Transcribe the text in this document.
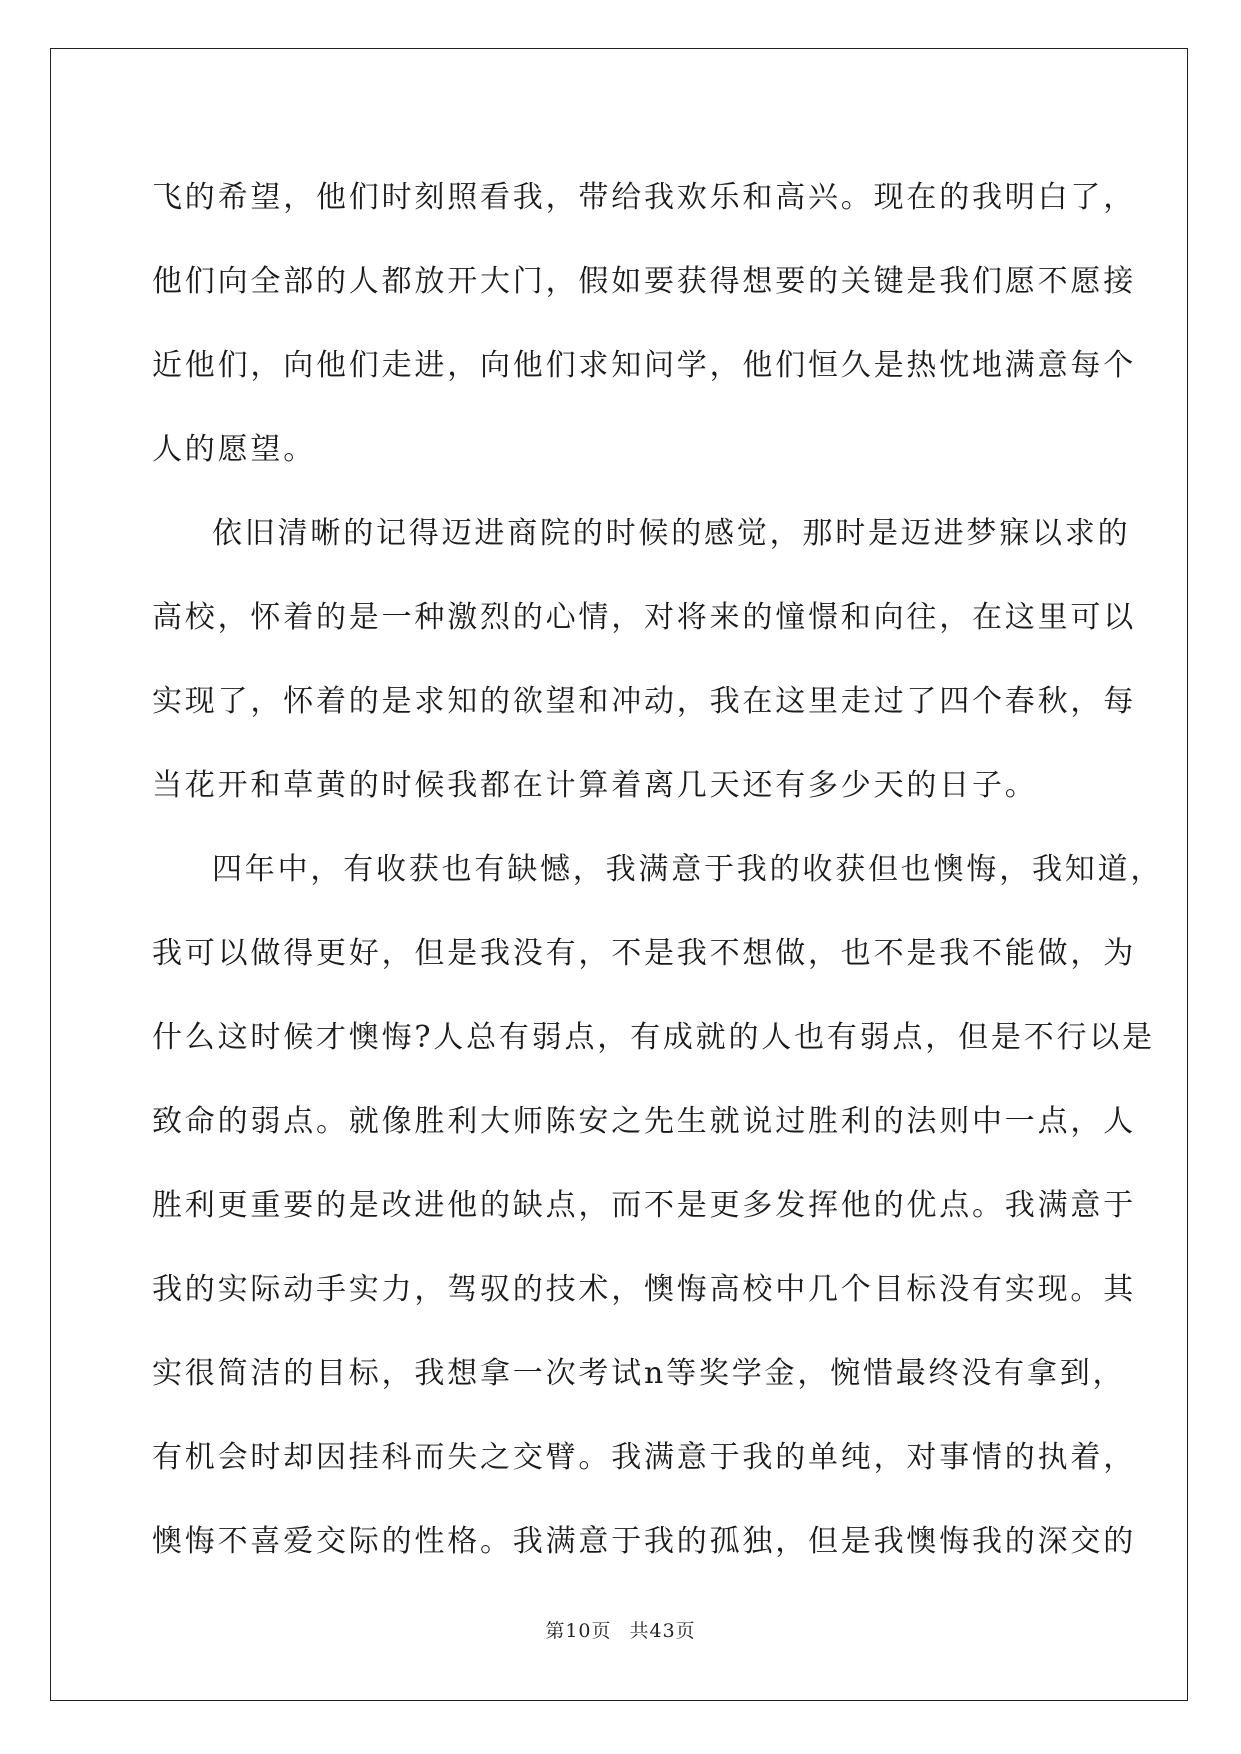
飞的希望，他们时刻照看我，带给我欢乐和高兴。现在的我明白了，
他们向全部的人都放开大门，假如要获得想要的关键是我们愿不愿接
近他们，向他们走进，向他们求知问学，他们恒久是热忱地满意每个
人的愿望。
依旧清晰的记得迈进商院的时候的感觉，那时是迈进梦寐以求的
高校，怀着的是一种激烈的心情，对将来的憧憬和向往，在这里可以
实现了，怀着的是求知的欲望和冲动，我在这里走过了四个春秋，每
当花开和草黄的时候我都在计算着离几天还有多少天的日子。
四年中，有收获也有缺憾，我满意于我的收获但也懊悔，我知道，
我可以做得更好，但是我没有，不是我不想做，也不是我不能做，为
什么这时候才懊悔?人总有弱点，有成就的人也有弱点，但是不行以是
致命的弱点。就像胜利大师陈安之先生就说过胜利的法则中一点，人
胜利更重要的是改进他的缺点，而不是更多发挥他的优点。我满意于
我的实际动手实力，驾驭的技术，懊悔高校中几个目标没有实现。其
实很简洁的目标，我想拿一次考试n等奖学金，惋惜最终没有拿到，
有机会时却因挂科而失之交臂。我满意于我的单纯，对事情的执着，
懊悔不喜爱交际的性格。我满意于我的孤独，但是我懊悔我的深交的
第10页 共43页
